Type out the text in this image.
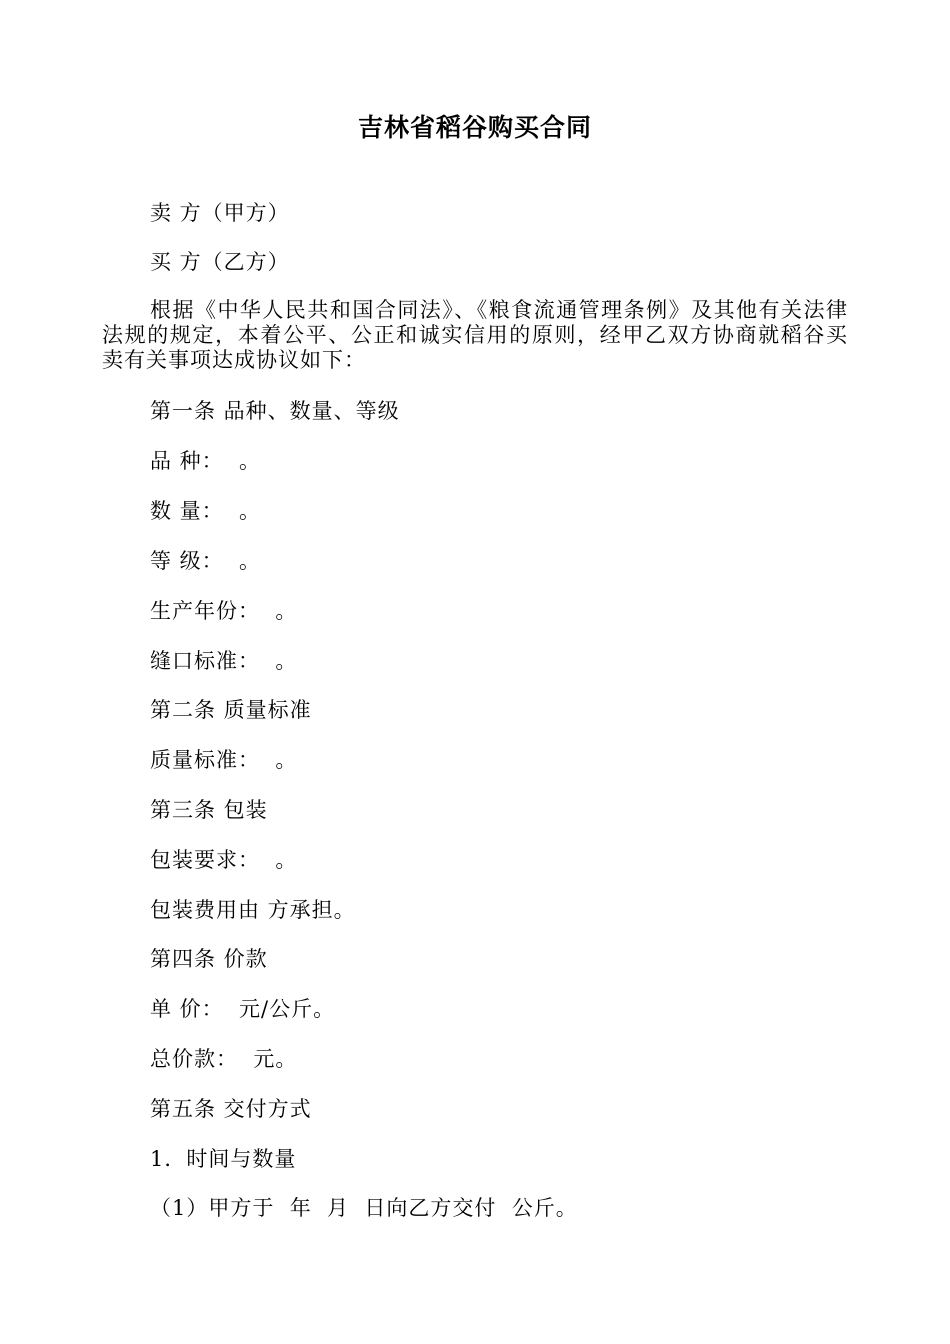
吉林省稻谷购买合同
卖 方（甲方）
买 方（乙方）
根据《中华人民共和国合同法》、《粮食流通管理条例》及其他有关法律法规的规定，本着公平、公正和诚实信用的原则，经甲乙双方协商就稻谷买卖有关事项达成协议如下：
第一条 品种、数量、等级
品 种：  。
数 量：  。
等 级：  。
生产年份：  。
缝口标准：  。
第二条 质量标准
质量标准：  。
第三条 包装
包装要求：  。
包装费用由 方承担。
第四条 价款
单 价：  元/公斤。
总价款：  元。
第五条 交付方式
1．时间与数量
（1）甲方于  年  月  日向乙方交付  公斤。
